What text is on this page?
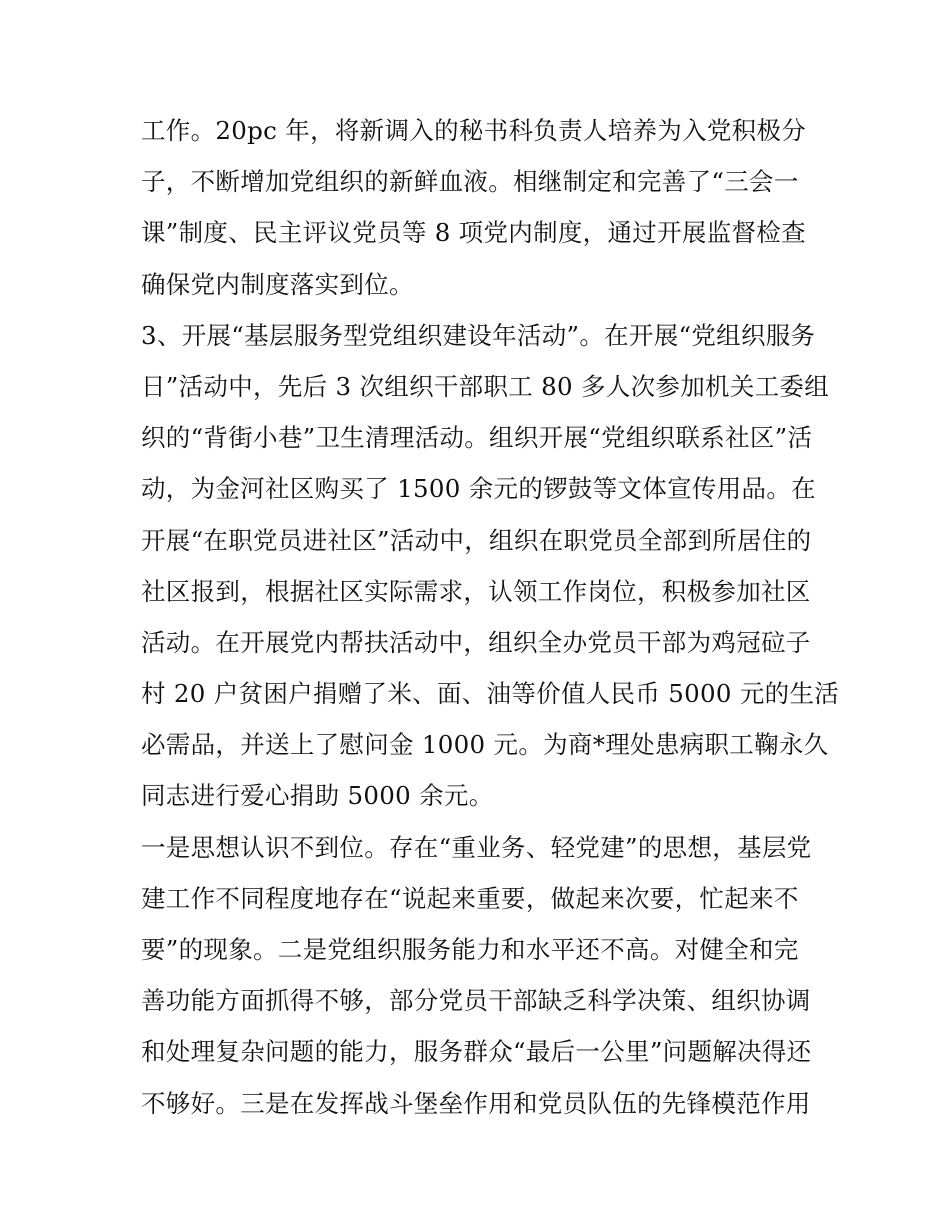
工作。20pc 年，将新调入的秘书科负责人培养为入党积极分
子，不断增加党组织的新鲜血液。相继制定和完善了“三会一
课”制度、民主评议党员等 8 项党内制度，通过开展监督检查
确保党内制度落实到位。
3、开展“基层服务型党组织建设年活动”。在开展“党组织服务
日”活动中，先后 3 次组织干部职工 80 多人次参加机关工委组
织的“背街小巷”卫生清理活动。组织开展“党组织联系社区”活
动，为金河社区购买了 1500 余元的锣鼓等文体宣传用品。在
开展“在职党员进社区”活动中，组织在职党员全部到所居住的
社区报到，根据社区实际需求，认领工作岗位，积极参加社区
活动。在开展党内帮扶活动中，组织全办党员干部为鸡冠砬子
村 20 户贫困户捐赠了米、面、油等价值人民币 5000 元的生活
必需品，并送上了慰问金 1000 元。为商*理处患病职工鞠永久
同志进行爱心捐助 5000 余元。
一是思想认识不到位。存在“重业务、轻党建”的思想，基层党
建工作不同程度地存在“说起来重要，做起来次要，忙起来不
要”的现象。二是党组织服务能力和水平还不高。对健全和完
善功能方面抓得不够，部分党员干部缺乏科学决策、组织协调
和处理复杂问题的能力，服务群众“最后一公里”问题解决得还
不够好。三是在发挥战斗堡垒作用和党员队伍的先锋模范作用
